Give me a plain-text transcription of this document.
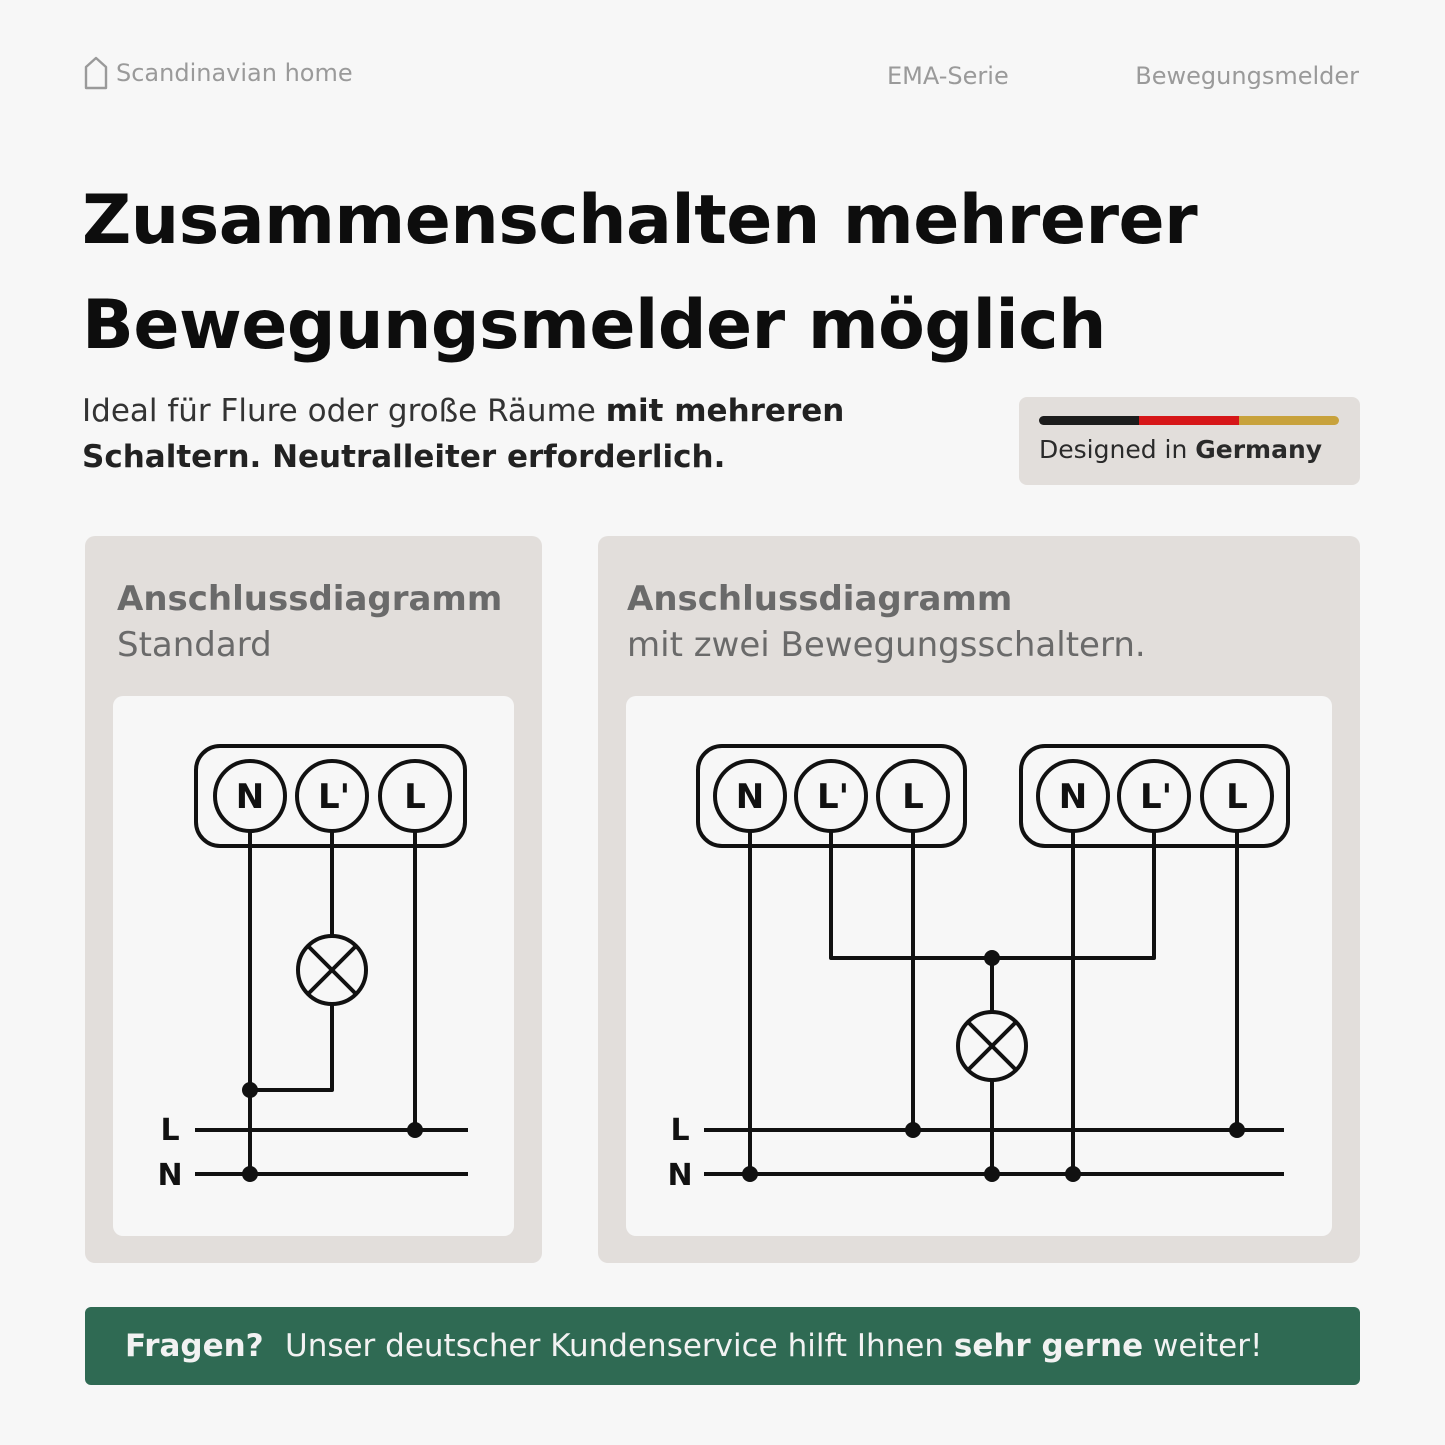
Scandinavian home	EMA-Serie	Bewegungsmelder
Zusammenschalten mehrerer
Bewegungsmelder möglich
Ideal für Flure oder große Räume mit mehreren Schaltern. Neutralleiter erforderlich.	Designed in Germany
Anschlussdiagramm
Standard
N L' L
L
N
Anschlussdiagramm
mit zwei Bewegungsschaltern.
N L' L	N L' L
L
N
Fragen? Unser deutscher Kundenservice hilft Ihnen sehr gerne weiter!
